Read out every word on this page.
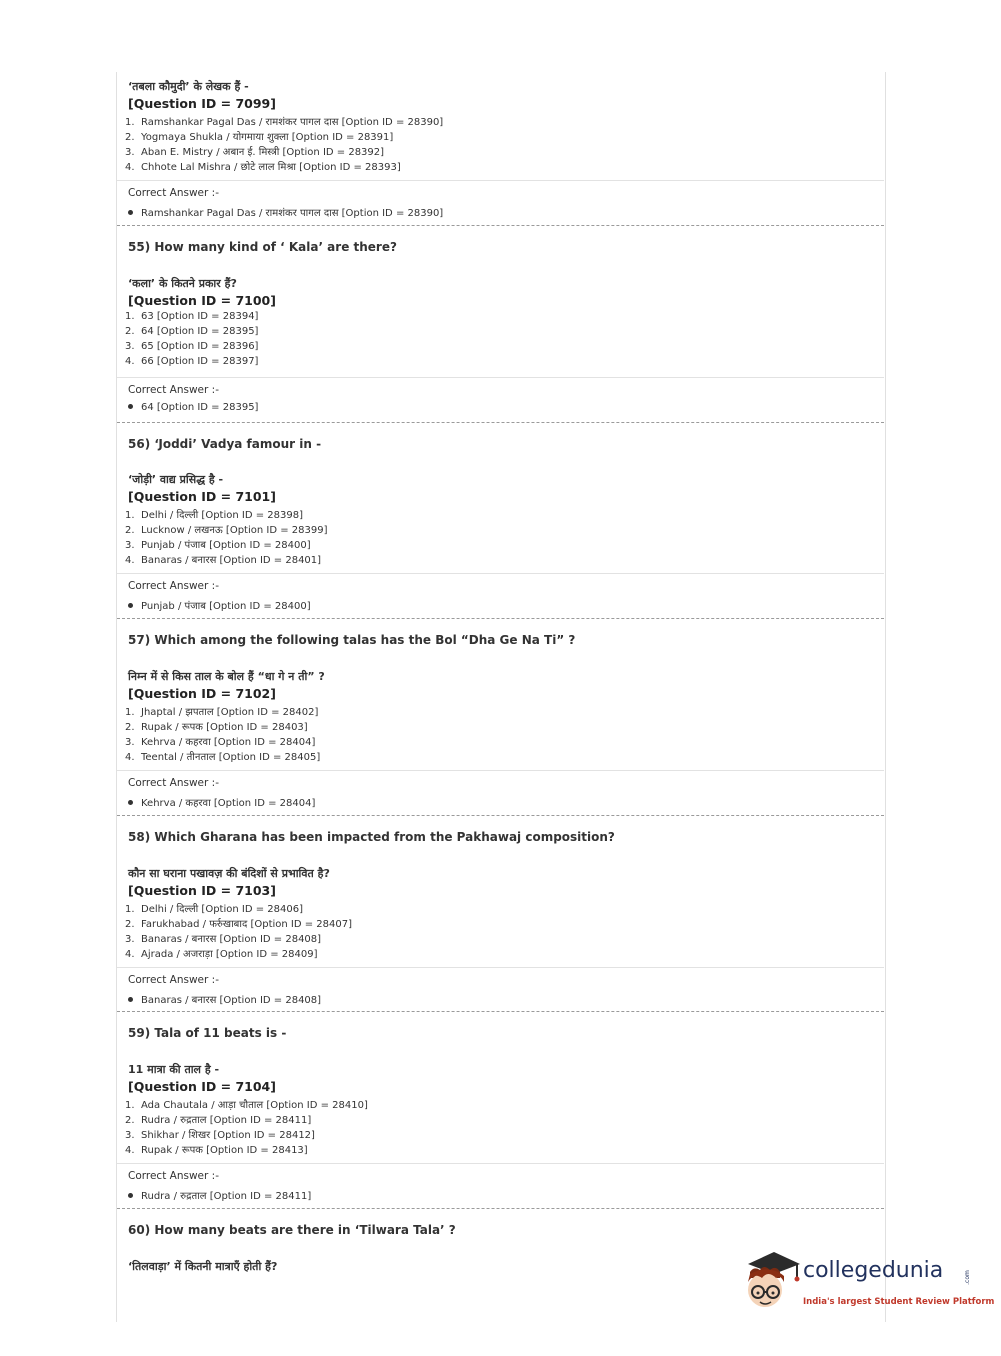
‘तबला कौमुदी’ के लेखक हैं -
[Question ID = 7099]
1. Ramshankar Pagal Das / रामशंकर पागल दास [Option ID = 28390]
2. Yogmaya Shukla / योगमाया शुक्ला [Option ID = 28391]
3. Aban E. Mistry / अबान ई. मिस्त्री [Option ID = 28392]
4. Chhote Lal Mishra / छोटे लाल मिश्रा [Option ID = 28393]
Correct Answer :-
Ramshankar Pagal Das / रामशंकर पागल दास [Option ID = 28390]
55) How many kind of ‘ Kala’ are there?
‘कला’ के कितने प्रकार हैं?
[Question ID = 7100]
1. 63 [Option ID = 28394]
2. 64 [Option ID = 28395]
3. 65 [Option ID = 28396]
4. 66 [Option ID = 28397]
Correct Answer :-
64 [Option ID = 28395]
56) ‘Joddi’ Vadya famour in -
‘जोड़ी’ वाद्य प्रसिद्ध है -
[Question ID = 7101]
1. Delhi / दिल्ली [Option ID = 28398]
2. Lucknow / लखनऊ [Option ID = 28399]
3. Punjab / पंजाब [Option ID = 28400]
4. Banaras / बनारस [Option ID = 28401]
Correct Answer :-
Punjab / पंजाब [Option ID = 28400]
57) Which among the following talas has the Bol “Dha Ge Na Ti” ?
निम्न में से किस ताल के बोल हैं “धा गे न ती” ?
[Question ID = 7102]
1. Jhaptal / झपताल [Option ID = 28402]
2. Rupak / रूपक [Option ID = 28403]
3. Kehrva / कहरवा [Option ID = 28404]
4. Teental / तीनताल [Option ID = 28405]
Correct Answer :-
Kehrva / कहरवा [Option ID = 28404]
58) Which Gharana has been impacted from the Pakhawaj composition?
कौन सा घराना पखावज़ की बंदिशों से प्रभावित है?
[Question ID = 7103]
1. Delhi / दिल्ली [Option ID = 28406]
2. Farukhabad / फर्रुखाबाद [Option ID = 28407]
3. Banaras / बनारस [Option ID = 28408]
4. Ajrada / अजराड़ा [Option ID = 28409]
Correct Answer :-
Banaras / बनारस [Option ID = 28408]
59) Tala of 11 beats is -
11 मात्रा की ताल है -
[Question ID = 7104]
1. Ada Chautala / आड़ा चौताल [Option ID = 28410]
2. Rudra / रुद्रताल [Option ID = 28411]
3. Shikhar / शिखर [Option ID = 28412]
4. Rupak / रूपक [Option ID = 28413]
Correct Answer :-
Rudra / रुद्रताल [Option ID = 28411]
60) How many beats are there in ‘Tilwara Tala’ ?
‘तिलवाड़ा’ में कितनी मात्राएँ होती हैं?	collegedunia	.com
India's largest Student Review Platform
